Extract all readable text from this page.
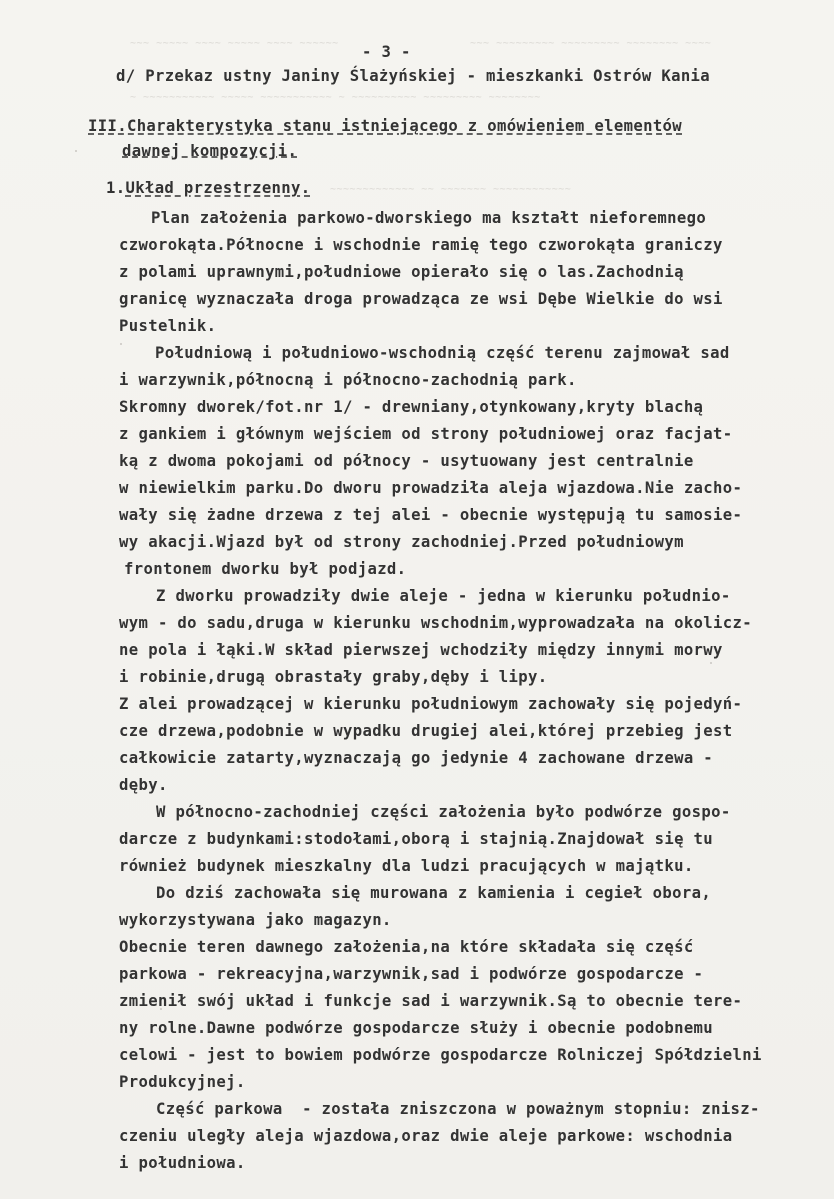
~~~ ~~~~~ ~~~~ ~~~~~ ~~~~ ~~~~~~	~~~ ~~~~~~~~~ ~~~~~~~~~ ~~~~~~~~ ~~~~
~ ~~~~~~~~~~~ ~~~~~ ~~~~~~~~~~~ ~ ~~~~~~~~~~ ~~~~~~~~~ ~~~~~~~~
~~~~~~~~~~~~~ ~~ ~~~~~~~ ~~~~~~~~~~~~
- 3 -
d/ Przekaz ustny Janiny Ślażyńskiej - mieszkanki Ostrów Kania
III.Charakterystyka stanu istniejącego z omówieniem elementów
dawnej kompozycji.
1.Układ przestrzenny.
Plan założenia parkowo-dworskiego ma kształt nieforemnego
czworokąta.Północne i wschodnie ramię tego czworokąta graniczy
z polami uprawnymi,południowe opierało się o las.Zachodnią
granicę wyznaczała droga prowadząca ze wsi Dębe Wielkie do wsi
Pustelnik.
Południową i południowo-wschodnią część terenu zajmował sad
i warzywnik,północną i północno-zachodnią park.
Skromny dworek/fot.nr 1/ - drewniany,otynkowany,kryty blachą
z gankiem i głównym wejściem od strony południowej oraz facjat-
ką z dwoma pokojami od północy - usytuowany jest centralnie
w niewielkim parku.Do dworu prowadziła aleja wjazdowa.Nie zacho-
wały się żadne drzewa z tej alei - obecnie występują tu samosie-
wy akacji.Wjazd był od strony zachodniej.Przed południowym
frontonem dworku był podjazd.
Z dworku prowadziły dwie aleje - jedna w kierunku południo-
wym - do sadu,druga w kierunku wschodnim,wyprowadzała na okolicz-
ne pola i łąki.W skład pierwszej wchodziły między innymi morwy
i robinie,drugą obrastały graby,dęby i lipy.
Z alei prowadzącej w kierunku południowym zachowały się pojedyń-
cze drzewa,podobnie w wypadku drugiej alei,której przebieg jest
całkowicie zatarty,wyznaczają go jedynie 4 zachowane drzewa -
dęby.
W północno-zachodniej części założenia było podwórze gospo-
darcze z budynkami:stodołami,oborą i stajnią.Znajdował się tu
również budynek mieszkalny dla ludzi pracujących w majątku.
Do dziś zachowała się murowana z kamienia i cegieł obora,
wykorzystywana jako magazyn.
Obecnie teren dawnego założenia,na które składała się część
parkowa - rekreacyjna,warzywnik,sad i podwórze gospodarcze -
zmienił swój układ i funkcje sad i warzywnik.Są to obecnie tere-
ny rolne.Dawne podwórze gospodarcze służy i obecnie podobnemu
celowi - jest to bowiem podwórze gospodarcze Rolniczej Spółdzielni
Produkcyjnej.
Część parkowa  - została zniszczona w poważnym stopniu: znisz-
czeniu uległy aleja wjazdowa,oraz dwie aleje parkowe: wschodnia
i południowa.
